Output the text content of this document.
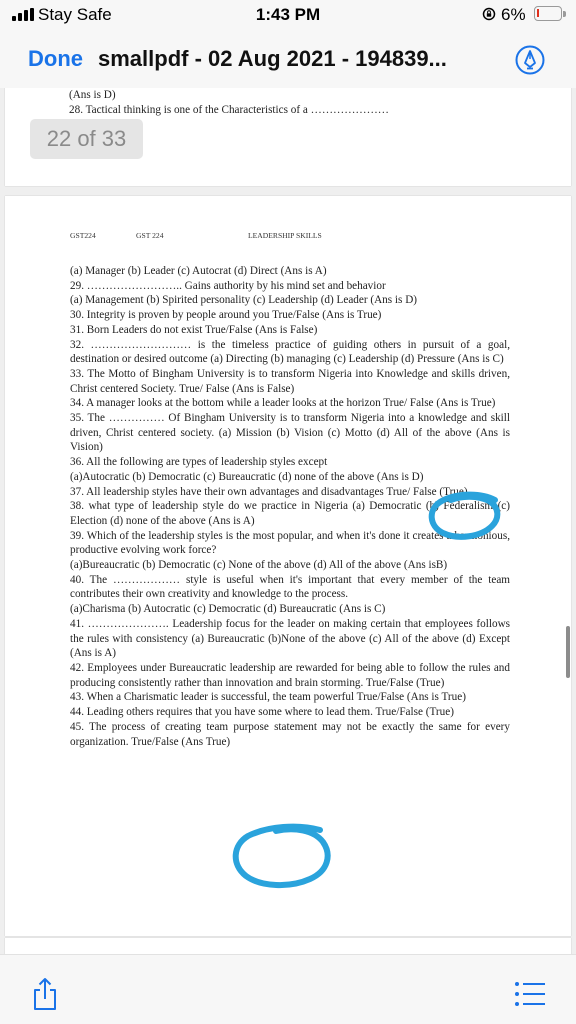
Stay Safe	1:43 PM	6%
Done smallpdf - 02 Aug 2021 - 194839...
(Ans is D)
28. Tactical thinking is one of the Characteristics of a …………………
GST224	GST 224	LEADERSHIP SKILLS

(a) Manager (b) Leader (c) Autocrat (d) Direct (Ans is A)

29. …………………….. Gains authority by his mind set and behavior

(a) Management (b) Spirited personality (c) Leadership (d) Leader (Ans is D)

30. Integrity is proven by people around you True/False (Ans is True)

31. Born Leaders do not exist True/False (Ans is False)

32. ……………………… is the timeless practice of guiding others in pursuit of a goal, destination or desired outcome (a) Directing (b) managing (c) Leadership (d) Pressure (Ans is C)

33. The Motto of Bingham University is to transform Nigeria into Knowledge and skills driven, Christ centered Society. True/ False (Ans is False)

34. A manager looks at the bottom while a leader looks at the horizon True/ False (Ans is True)

35. The …………… Of Bingham University is to transform Nigeria into a knowledge and skill driven, Christ centered society. (a) Mission (b) Vision (c) Motto (d) All of the above (Ans is Vision)

36. All the following are types of leadership styles except

(a)Autocratic (b) Democratic (c) Bureaucratic (d) none of the above (Ans is D)

37. All leadership styles have their own advantages and disadvantages True/ False (True)

38. what type of leadership style do we practice in Nigeria (a) Democratic (b) Federalism (c) Election (d) none of the above (Ans is A)

39. Which of the leadership styles is the most popular, and when it's done it creates a harmonious, productive evolving work force?

(a)Bureaucratic (b) Democratic (c) None of the above (d) All of the above (Ans isB)

40. The ……………… style is useful when it's important that every member of the team contributes their own creativity and knowledge to the process.

(a)Charisma (b) Autocratic (c) Democratic (d) Bureaucratic (Ans is C)

41. …………………. Leadership focus for the leader on making certain that employees follows the rules with consistency (a) Bureaucratic (b)None of the above (c) All of the above (d) Except (Ans is A)

42. Employees under Bureaucratic leadership are rewarded for being able to follow the rules and producing consistently rather than innovation and brain storming. True/False (True)

43. When a Charismatic leader is successful, the team powerful True/False (Ans is True)

44. Leading others requires that you have some where to lead them. True/False (True)

45. The process of creating team purpose statement may not be exactly the same for every organization. True/False (Ans True)

22 of 33
